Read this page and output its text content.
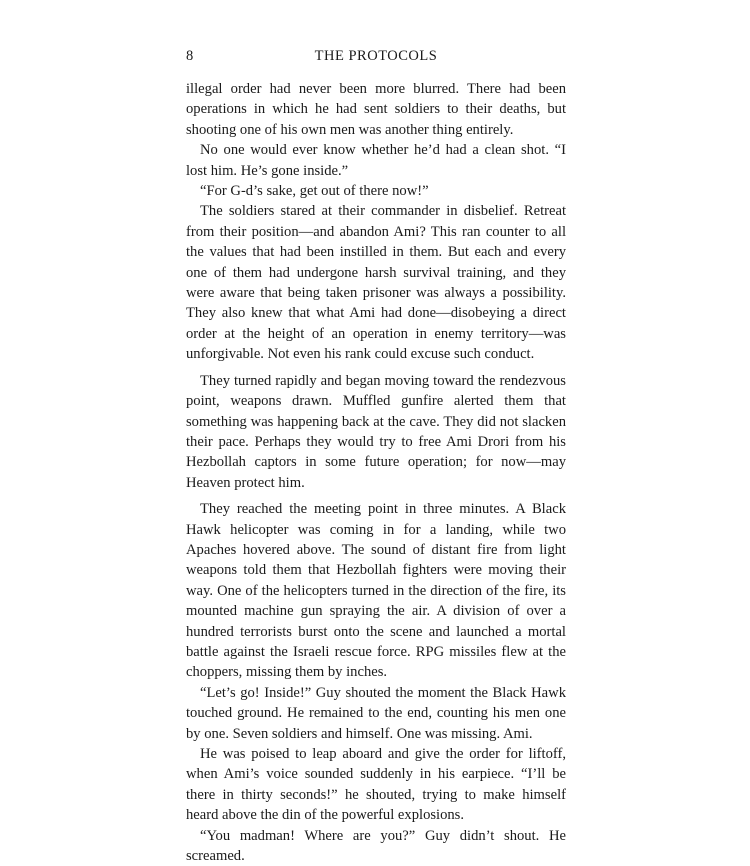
8	THE PROTOCOLS

illegal order had never been more blurred. There had been operations in which he had sent soldiers to their deaths, but shooting one of his own men was another thing entirely.

No one would ever know whether he’d had a clean shot. “I lost him. He’s gone inside.”

“For G-d’s sake, get out of there now!”

The soldiers stared at their commander in disbelief. Retreat from their position—and abandon Ami? This ran counter to all the values that had been instilled in them. But each and every one of them had undergone harsh survival training, and they were aware that being taken prisoner was always a possibility. They also knew that what Ami had done—disobeying a direct order at the height of an operation in enemy territory—was unforgivable. Not even his rank could excuse such conduct.

They turned rapidly and began moving toward the rendezvous point, weapons drawn. Muffled gunfire alerted them that something was happening back at the cave. They did not slacken their pace. Perhaps they would try to free Ami Drori from his Hezbollah captors in some future operation; for now—may Heaven protect him.

They reached the meeting point in three minutes. A Black Hawk helicopter was coming in for a landing, while two Apaches hovered above. The sound of distant fire from light weapons told them that Hezbollah fighters were moving their way. One of the helicopters turned in the direction of the fire, its mounted machine gun spraying the air. A division of over a hundred terrorists burst onto the scene and launched a mortal battle against the Israeli rescue force. RPG missiles flew at the choppers, missing them by inches.

“Let’s go! Inside!” Guy shouted the moment the Black Hawk touched ground. He remained to the end, counting his men one by one. Seven soldiers and himself. One was missing. Ami.

He was poised to leap aboard and give the order for liftoff, when Ami’s voice sounded suddenly in his earpiece. “I’ll be there in thirty seconds!” he shouted, trying to make himself heard above the din of the powerful explosions.

“You madman! Where are you?” Guy didn’t shout. He screamed.
